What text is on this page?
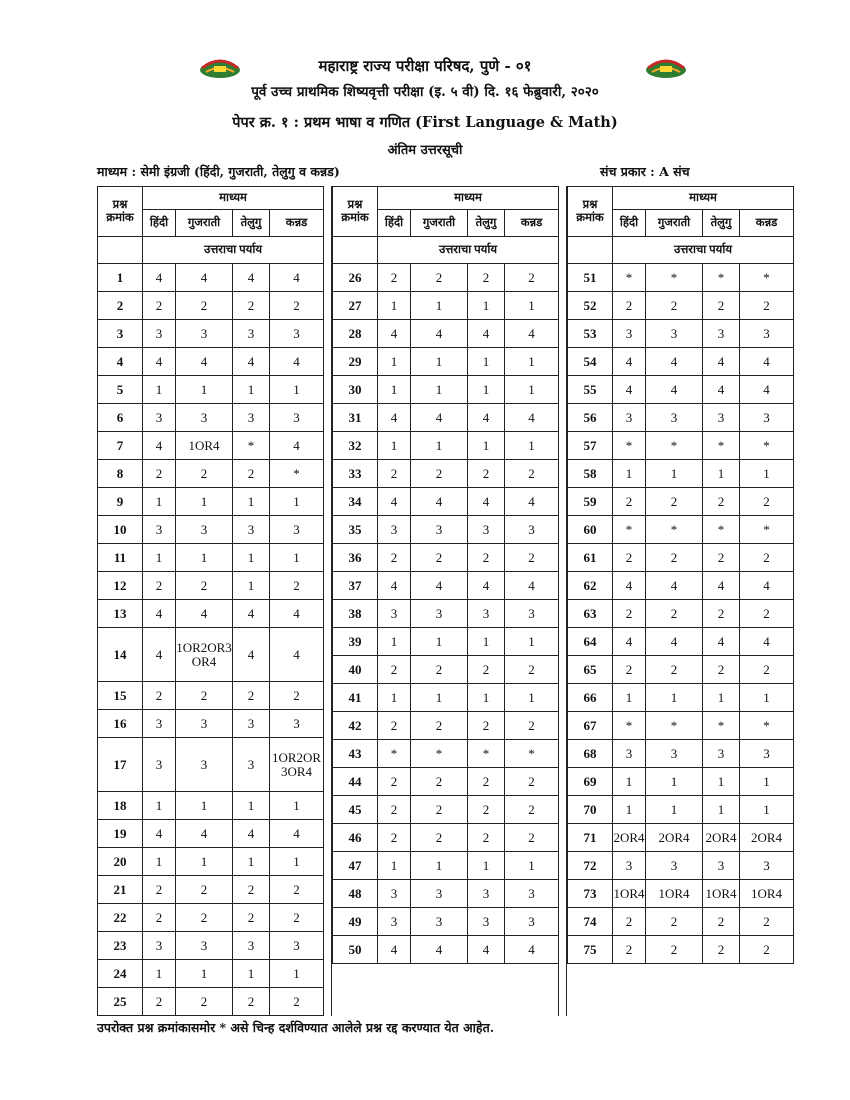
महाराष्ट्र राज्य परीक्षा परिषद, पुणे - ०१
पूर्व उच्च प्राथमिक शिष्यवृत्ती परीक्षा (इ. ५ वी) दि. १६ फेब्रुवारी, २०२०
पेपर क्र. १ : प्रथम भाषा व गणित (First Language & Math)
अंतिम उत्तरसूची
माध्यम : सेमी इंग्रजी (हिंदी, गुजराती, तेलुगु व कन्नड)	संच प्रकार : A संच
प्रश्न क्रमांक	माध्यम			
	हिंदी	गुजराती	तेलुगु	कन्नड
	उत्तराचा पर्याय			
1	4	4	4	4
2	2	2	2	2
3	3	3	3	3
4	4	4	4	4
5	1	1	1	1
6	3	3	3	3
7	4	1OR4	*	4
8	2	2	2	*
9	1	1	1	1
10	3	3	3	3
11	1	1	1	1
12	2	2	1	2
13	4	4	4	4
14	4	1OR2OR3 OR4	4	4
15	2	2	2	2
16	3	3	3	3
17	3	3	3	1OR2OR 3OR4
18	1	1	1	1
19	4	4	4	4
20	1	1	1	1
21	2	2	2	2
22	2	2	2	2
23	3	3	3	3
24	1	1	1	1
25	2	2	2	2
प्रश्न क्रमांक	माध्यम			
	हिंदी	गुजराती	तेलुगु	कन्नड
	उत्तराचा पर्याय			
26	2	2	2	2
27	1	1	1	1
28	4	4	4	4
29	1	1	1	1
30	1	1	1	1
31	4	4	4	4
32	1	1	1	1
33	2	2	2	2
34	4	4	4	4
35	3	3	3	3
36	2	2	2	2
37	4	4	4	4
38	3	3	3	3
39	1	1	1	1
40	2	2	2	2
41	1	1	1	1
42	2	2	2	2
43	*	*	*	*
44	2	2	2	2
45	2	2	2	2
46	2	2	2	2
47	1	1	1	1
48	3	3	3	3
49	3	3	3	3
50	4	4	4	4
प्रश्न क्रमांक	माध्यम			
	हिंदी	गुजराती	तेलुगु	कन्नड
	उत्तराचा पर्याय			
51	*	*	*	*
52	2	2	2	2
53	3	3	3	3
54	4	4	4	4
55	4	4	4	4
56	3	3	3	3
57	*	*	*	*
58	1	1	1	1
59	2	2	2	2
60	*	*	*	*
61	2	2	2	2
62	4	4	4	4
63	2	2	2	2
64	4	4	4	4
65	2	2	2	2
66	1	1	1	1
67	*	*	*	*
68	3	3	3	3
69	1	1	1	1
70	1	1	1	1
71	2OR4	2OR4	2OR4	2OR4
72	3	3	3	3
73	1OR4	1OR4	1OR4	1OR4
74	2	2	2	2
75	2	2	2	2
उपरोक्त प्रश्न क्रमांकासमोर * असे चिन्ह दर्शविण्यात आलेले प्रश्न रद्द करण्यात येत आहेत.
